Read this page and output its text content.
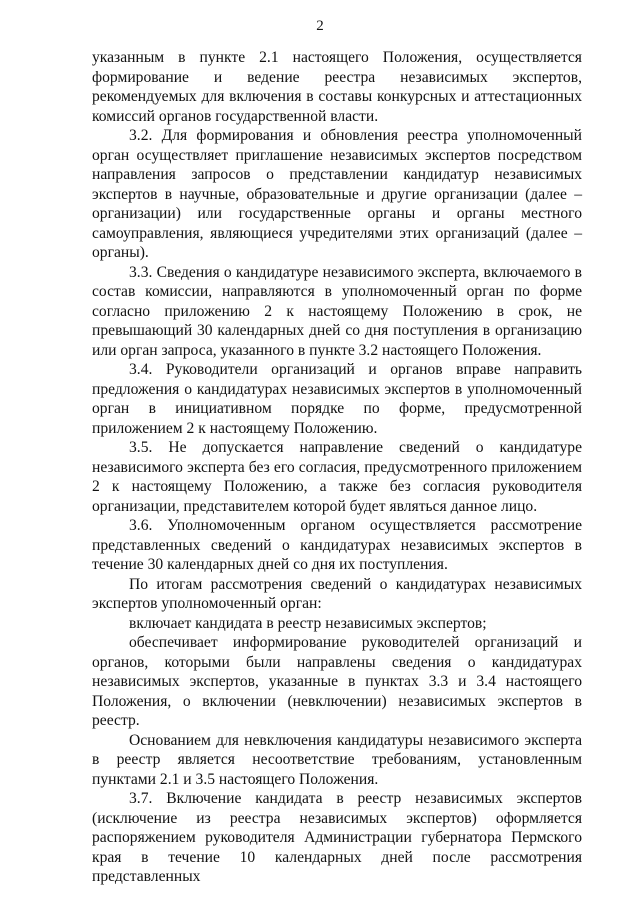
2

указанным в пункте 2.1 настоящего Положения, осуществляется формирование и ведение реестра независимых экспертов, рекомендуемых для включения в составы конкурсных и аттестационных комиссий органов государственной власти.

3.2. Для формирования и обновления реестра уполномоченный орган осуществляет приглашение независимых экспертов посредством направления запросов о представлении кандидатур независимых экспертов в научные, образовательные и другие организации (далее – организации) или государственные органы и органы местного самоуправления, являющиеся учредителями этих организаций (далее – органы).

3.3. Сведения о кандидатуре независимого эксперта, включаемого в состав комиссии, направляются в уполномоченный орган по форме согласно приложению 2 к настоящему Положению в срок, не превышающий 30 календарных дней со дня поступления в организацию или орган запроса, указанного в пункте 3.2 настоящего Положения.

3.4. Руководители организаций и органов вправе направить предложения о кандидатурах независимых экспертов в уполномоченный орган в инициативном порядке по форме, предусмотренной приложением 2 к настоящему Положению.

3.5. Не допускается направление сведений о кандидатуре независимого эксперта без его согласия, предусмотренного приложением 2 к настоящему Положению, а также без согласия руководителя организации, представителем которой будет являться данное лицо.

3.6. Уполномоченным органом осуществляется рассмотрение представленных сведений о кандидатурах независимых экспертов в течение 30 календарных дней со дня их поступления.

По итогам рассмотрения сведений о кандидатурах независимых экспертов уполномоченный орган:

включает кандидата в реестр независимых экспертов;

обеспечивает информирование руководителей организаций и органов, которыми были направлены сведения о кандидатурах независимых экспертов, указанные в пунктах 3.3 и 3.4 настоящего Положения, о включении (невключении) независимых экспертов в реестр.

Основанием для невключения кандидатуры независимого эксперта в реестр является несоответствие требованиям, установленным пунктами 2.1 и 3.5 настоящего Положения.

3.7. Включение кандидата в реестр независимых экспертов (исключение из реестра независимых экспертов) оформляется распоряжением руководителя Администрации губернатора Пермского края в течение 10 календарных дней после рассмотрения представленных
